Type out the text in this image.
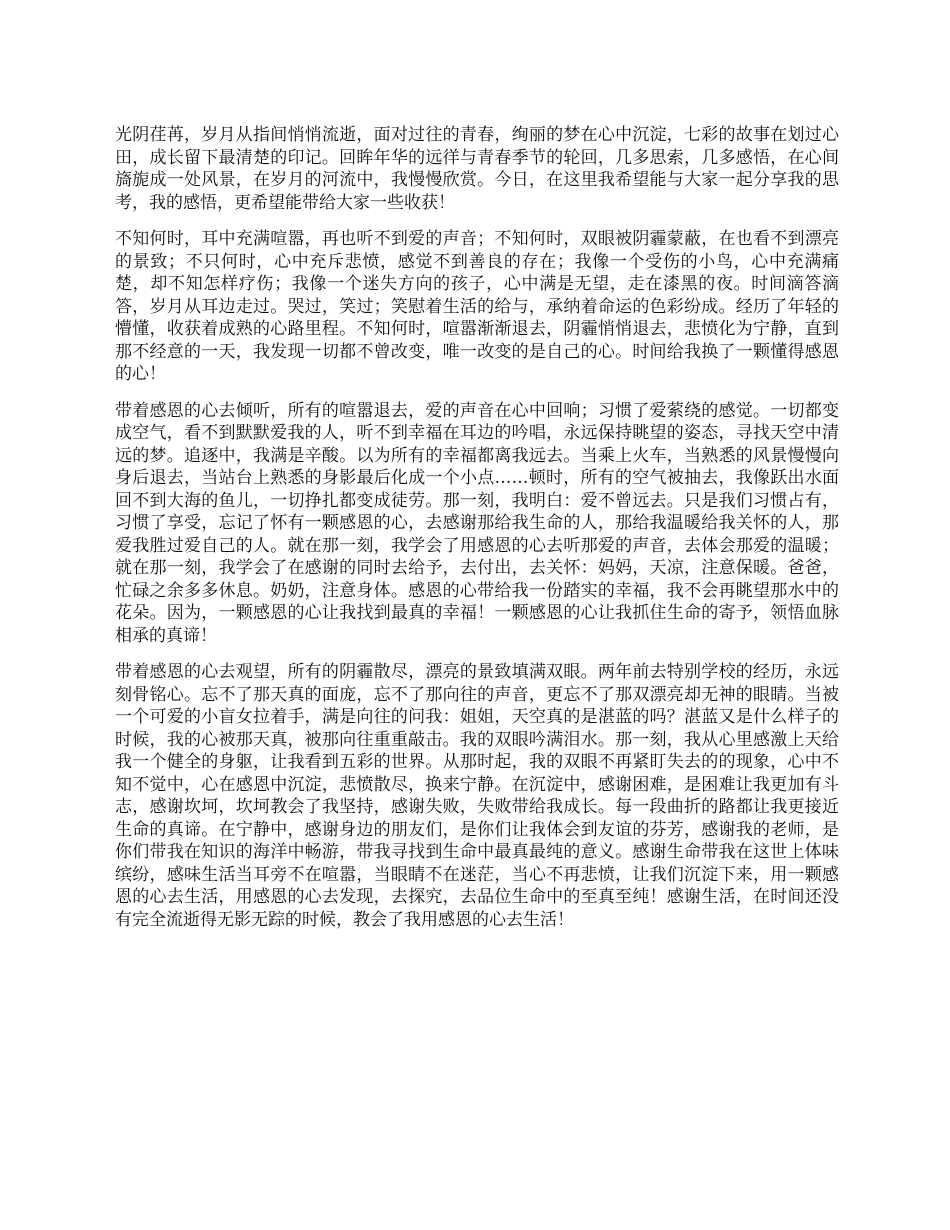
光阴荏苒，岁月从指间悄悄流逝，面对过往的青春，绚丽的梦在心中沉淀，七彩的故事在划过心田，成长留下最清楚的印记。回眸年华的远徉与青春季节的轮回，几多思索，几多感悟，在心间旖旎成一处风景，在岁月的河流中，我慢慢欣赏。今日，在这里我希望能与大家一起分享我的思考，我的感悟，更希望能带给大家一些收获！

不知何时，耳中充满喧嚣，再也听不到爱的声音；不知何时，双眼被阴霾蒙蔽，在也看不到漂亮的景致；不只何时，心中充斥悲愤，感觉不到善良的存在；我像一个受伤的小鸟，心中充满痛楚，却不知怎样疗伤；我像一个迷失方向的孩子，心中满是无望，走在漆黑的夜。时间滴答滴答，岁月从耳边走过。哭过，笑过；笑慰着生活的给与，承纳着命运的色彩纷成。经历了年轻的懵懂，收获着成熟的心路里程。不知何时，喧嚣渐渐退去，阴霾悄悄退去，悲愤化为宁静，直到那不经意的一天，我发现一切都不曾改变，唯一改变的是自己的心。时间给我换了一颗懂得感恩的心！

带着感恩的心去倾听，所有的喧嚣退去，爱的声音在心中回响；习惯了爱萦绕的感觉。一切都变成空气，看不到默默爱我的人，听不到幸福在耳边的吟唱，永远保持眺望的姿态，寻找天空中清远的梦。追逐中，我满是辛酸。以为所有的幸福都离我远去。当乘上火车，当熟悉的风景慢慢向身后退去，当站台上熟悉的身影最后化成一个小点……顿时，所有的空气被抽去，我像跃出水面回不到大海的鱼儿，一切挣扎都变成徒劳。那一刻，我明白：爱不曾远去。只是我们习惯占有，习惯了享受，忘记了怀有一颗感恩的心，去感谢那给我生命的人，那给我温暖给我关怀的人，那爱我胜过爱自己的人。就在那一刻，我学会了用感恩的心去听那爱的声音，去体会那爱的温暖；就在那一刻，我学会了在感谢的同时去给予，去付出，去关怀：妈妈，天凉，注意保暖。爸爸，忙碌之余多多休息。奶奶，注意身体。感恩的心带给我一份踏实的幸福，我不会再眺望那水中的花朵。因为，一颗感恩的心让我找到最真的幸福！一颗感恩的心让我抓住生命的寄予，领悟血脉相承的真谛！

带着感恩的心去观望，所有的阴霾散尽，漂亮的景致填满双眼。两年前去特别学校的经历，永远刻骨铭心。忘不了那天真的面庞，忘不了那向往的声音，更忘不了那双漂亮却无神的眼睛。当被一个可爱的小盲女拉着手，满是向往的问我：姐姐，天空真的是湛蓝的吗？湛蓝又是什么样子的时候，我的心被那天真，被那向往重重敲击。我的双眼吟满泪水。那一刻，我从心里感激上天给我一个健全的身躯，让我看到五彩的世界。从那时起，我的双眼不再紧盯失去的的现象，心中不知不觉中，心在感恩中沉淀，悲愤散尽，换来宁静。在沉淀中，感谢困难，是困难让我更加有斗志，感谢坎坷，坎坷教会了我坚持，感谢失败，失败带给我成长。每一段曲折的路都让我更接近生命的真谛。在宁静中，感谢身边的朋友们，是你们让我体会到友谊的芬芳，感谢我的老师，是你们带我在知识的海洋中畅游，带我寻找到生命中最真最纯的意义。感谢生命带我在这世上体味缤纷，感味生活当耳旁不在喧嚣，当眼睛不在迷茫，当心不再悲愤，让我们沉淀下来，用一颗感恩的心去生活，用感恩的心去发现，去探究，去品位生命中的至真至纯！感谢生活，在时间还没有完全流逝得无影无踪的时候，教会了我用感恩的心去生活！
